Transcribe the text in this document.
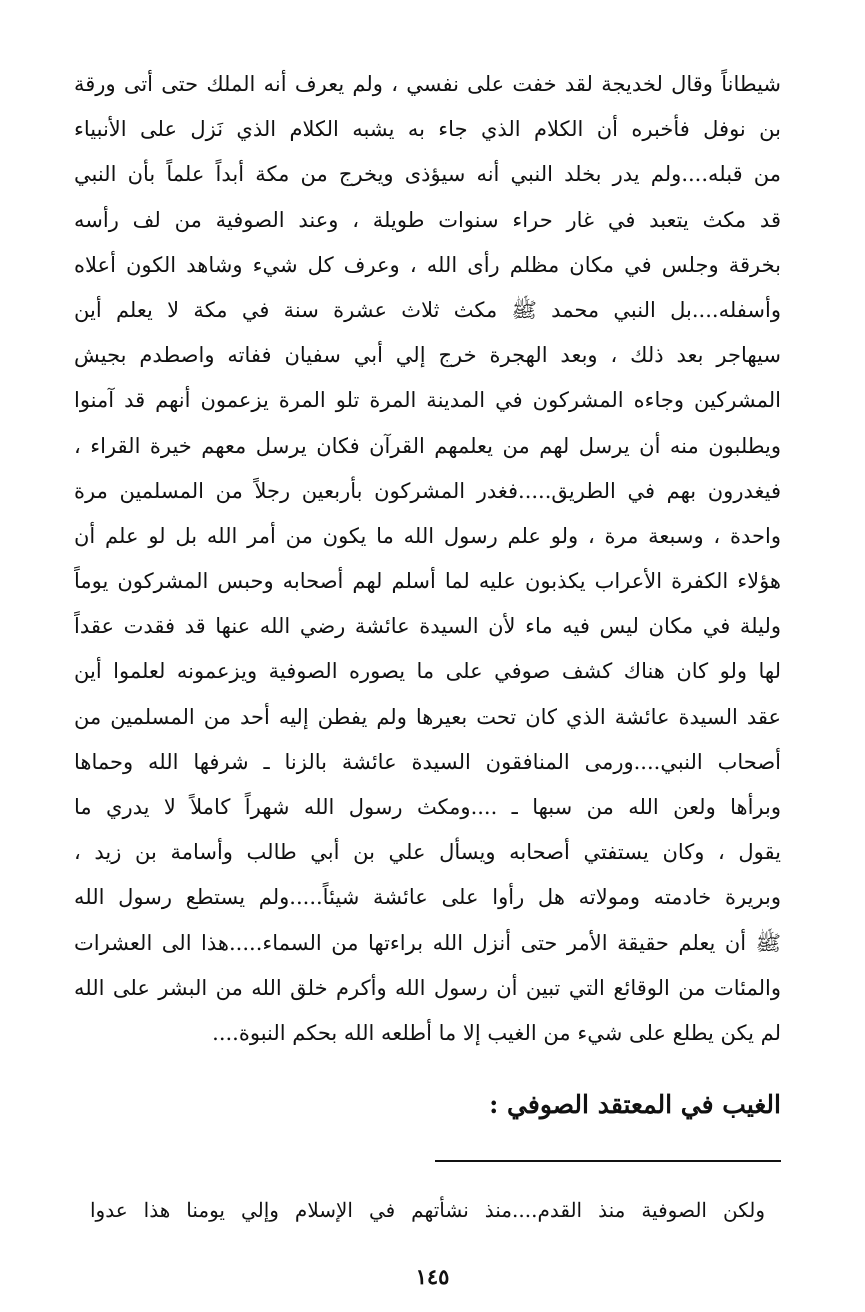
شيطاناً وقال لخديجة لقد خفت على نفسي ، ولم يعرف أنه الملك حتى أتى ورقة
بن نوفل فأخبره أن الكلام الذي جاء به يشبه الكلام الذي نَزل على الأنبياء
من قبله....ولم يدر بخلد النبي أنه سيؤذى ويخرج من مكة أبداً علماً بأن النبي
قد مكث يتعبد في غار حراء سنوات طويلة ، وعند الصوفية من لف رأسه
بخرقة وجلس في مكان مظلم رأى الله ، وعرف كل شيء وشاهد الكون أعلاه
وأسفله....بل النبي محمد ﷺ مكث ثلاث عشرة سنة في مكة لا يعلم أين
سيهاجر بعد ذلك ، وبعد الهجرة خرج إلي أبي سفيان ففاته واصطدم بجيش
المشركين وجاءه المشركون في المدينة المرة تلو المرة يزعمون أنهم قد آمنوا
ويطلبون منه أن يرسل لهم من يعلمهم القرآن فكان يرسل معهم خيرة القراء ،
فيغدرون بهم في الطريق.....فغدر المشركون بأربعين رجلاً من المسلمين مرة
واحدة ، وسبعة مرة ، ولو علم رسول الله ما يكون من أمر الله بل لو علم أن
هؤلاء الكفرة الأعراب يكذبون عليه لما أسلم لهم أصحابه وحبس المشركون يوماً
وليلة في مكان ليس فيه ماء لأن السيدة عائشة رضي الله عنها قد فقدت عقداً
لها ولو كان هناك كشف صوفي على ما يصوره الصوفية ويزعمونه لعلموا أين
عقد السيدة عائشة الذي كان تحت بعيرها ولم يفطن إليه أحد من المسلمين من
أصحاب النبي....ورمى المنافقون السيدة عائشة بالزنا ـ شرفها الله وحماها
وبرأها ولعن الله من سبها ـ ....ومكث رسول الله شهراً كاملاً لا يدري ما
يقول ، وكان يستفتي أصحابه ويسأل علي بن أبي طالب وأسامة بن زيد ،
وبريرة خادمته ومولاته هل رأوا على عائشة شيئاً.....ولم يستطع رسول الله
ﷺ أن يعلم حقيقة الأمر حتى أنزل الله براءتها من السماء.....هذا الى العشرات
والمئات من الوقائع التي تبين أن رسول الله وأكرم خلق الله من البشر على الله
لم يكن يطلع على شيء من الغيب إلا ما أطلعه الله بحكم النبوة....
الغيب في المعتقد الصوفي :

ولكن الصوفية منذ القدم....منذ نشأتهم في الإسلام وإلي يومنا هذا عدوا

١٤٥
